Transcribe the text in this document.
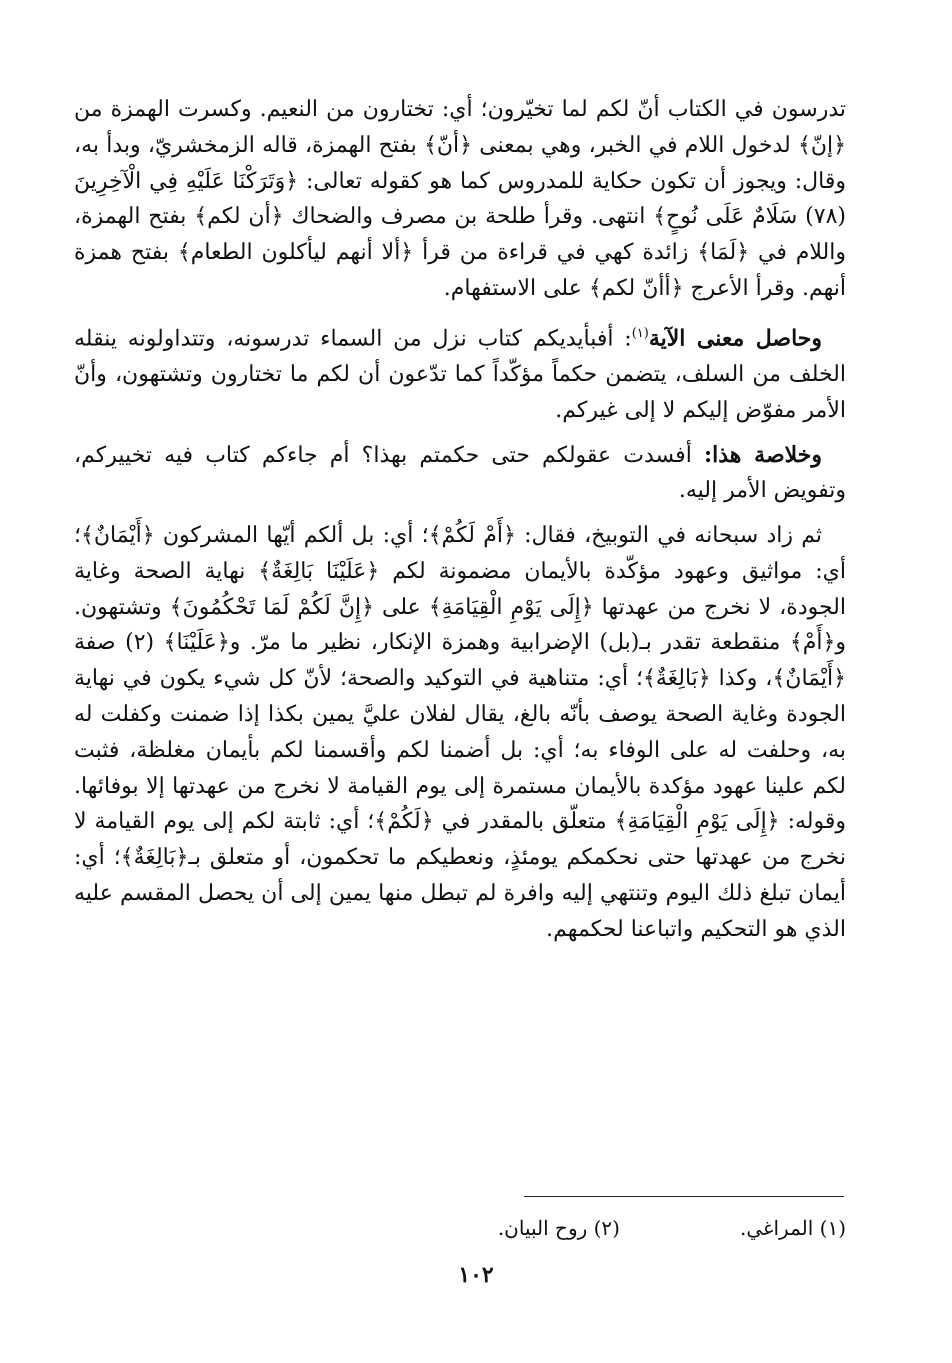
تدرسون في الكتاب أنّ لكم لما تخيّرون؛ أي: تختارون من النعيم. وكسرت الهمزة من ﴿إنّ﴾ لدخول اللام في الخبر، وهي بمعنى ﴿أنّ﴾ بفتح الهمزة، قاله الزمخشريّ، وبدأ به، وقال: ويجوز أن تكون حكاية للمدروس كما هو كقوله تعالى: ﴿وَتَرَكْنَا عَلَيْهِ فِي الْآخِرِينَ (٧٨) سَلَامٌ عَلَى نُوحٍ﴾ انتهى. وقرأ طلحة بن مصرف والضحاك ﴿أن لكم﴾ بفتح الهمزة، واللام في ﴿لَمَا﴾ زائدة كهي في قراءة من قرأ ﴿ألا أنهم ليأكلون الطعام﴾ بفتح همزة أنهم. وقرأ الأعرج ﴿أأنّ لكم﴾ على الاستفهام.

وحاصل معنى الآية$^{(١)}$: أفبأيديكم كتاب نزل من السماء تدرسونه، وتتداولونه ينقله الخلف من السلف، يتضمن حكماً مؤكّداً كما تدّعون أن لكم ما تختارون وتشتهون، وأنّ الأمر مفوّض إليكم لا إلى غيركم.

وخلاصة هذا: أفسدت عقولكم حتى حكمتم بهذا؟ أم جاءكم كتاب فيه تخييركم، وتفويض الأمر إليه.

ثم زاد سبحانه في التوبيخ، فقال: ﴿أَمْ لَكُمْ﴾؛ أي: بل ألكم أيّها المشركون ﴿أَيْمَانٌ﴾؛ أي: مواثيق وعهود مؤكّدة بالأيمان مضمونة لكم ﴿عَلَيْنَا بَالِغَةٌ﴾ نهاية الصحة وغاية الجودة، لا نخرج من عهدتها ﴿إِلَى يَوْمِ الْقِيَامَةِ﴾ على ﴿إِنَّ لَكُمْ لَمَا تَحْكُمُونَ﴾ وتشتهون. و﴿أَمْ﴾ منقطعة تقدر بـ(بل) الإضرابية وهمزة الإنكار، نظير ما مرّ. و﴿عَلَيْنَا﴾ (٢) صفة ﴿أَيْمَانٌ﴾، وكذا ﴿بَالِغَةٌ﴾؛ أي: متناهية في التوكيد والصحة؛ لأنّ كل شيء يكون في نهاية الجودة وغاية الصحة يوصف بأنّه بالغ، يقال لفلان عليَّ يمين بكذا إذا ضمنت وكفلت له به، وحلفت له على الوفاء به؛ أي: بل أضمنا لكم وأقسمنا لكم بأيمان مغلظة، فثبت لكم علينا عهود مؤكدة بالأيمان مستمرة إلى يوم القيامة لا نخرج من عهدتها إلا بوفائها. وقوله: ﴿إِلَى يَوْمِ الْقِيَامَةِ﴾ متعلّق بالمقدر في ﴿لَكُمْ﴾؛ أي: ثابتة لكم إلى يوم القيامة لا نخرج من عهدتها حتى نحكمكم يومئذٍ، ونعطيكم ما تحكمون، أو متعلق بـ﴿بَالِغَةٌ﴾؛ أي: أيمان تبلغ ذلك اليوم وتنتهي إليه وافرة لم تبطل منها يمين إلى أن يحصل المقسم عليه الذي هو التحكيم واتباعنا لحكمهم.

(١) المراغي.
(٢) روح البيان.
١٠٢
